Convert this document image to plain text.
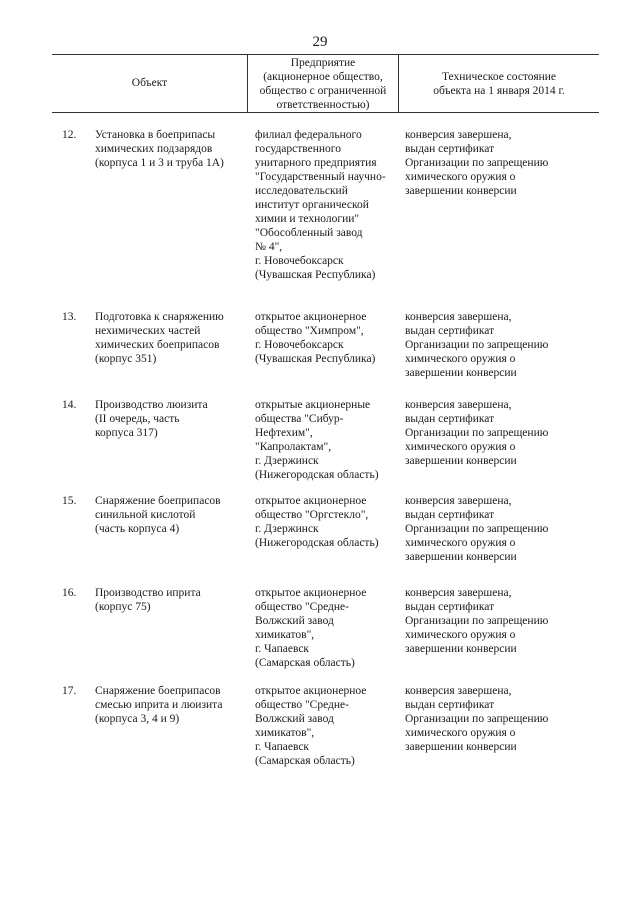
29
Объект
Предприятие
(акционерное общество,
общество с ограниченной
ответственностью)
Техническое состояние
объекта на 1 января 2014 г.
12. Установка в боеприпасы
химических подзарядов
(корпуса 1 и 3 и труба 1А)
филиал федерального
государственного
унитарного предприятия
"Государственный научно-
исследовательский
институт органической
химии и технологии"
"Обособленный завод
№ 4",
г. Новочебоксарск
(Чувашская Республика)
конверсия завершена,
выдан сертификат
Организации по запрещению
химического оружия о
завершении конверсии
13. Подготовка к снаряжению
нехимических частей
химических боеприпасов
(корпус 351)
открытое акционерное
общество "Химпром",
г. Новочебоксарск
(Чувашская Республика)
конверсия завершена,
выдан сертификат
Организации по запрещению
химического оружия о
завершении конверсии
14. Производство люизита
(II очередь, часть
корпуса 317)
открытые акционерные
общества "Сибур-
Нефтехим",
"Капролактам",
г. Дзержинск
(Нижегородская область)
конверсия завершена,
выдан сертификат
Организации по запрещению
химического оружия о
завершении конверсии
15. Снаряжение боеприпасов
синильной кислотой
(часть корпуса 4)
открытое акционерное
общество "Оргстекло",
г. Дзержинск
(Нижегородская область)
конверсия завершена,
выдан сертификат
Организации по запрещению
химического оружия о
завершении конверсии
16. Производство иприта
(корпус 75)
открытое акционерное
общество "Средне-
Волжский завод
химикатов",
г. Чапаевск
(Самарская область)
конверсия завершена,
выдан сертификат
Организации по запрещению
химического оружия о
завершении конверсии
17. Снаряжение боеприпасов
смесью иприта и люизита
(корпуса 3, 4 и 9)
открытое акционерное
общество "Средне-
Волжский завод
химикатов",
г. Чапаевск
(Самарская область)
конверсия завершена,
выдан сертификат
Организации по запрещению
химического оружия о
завершении конверсии
